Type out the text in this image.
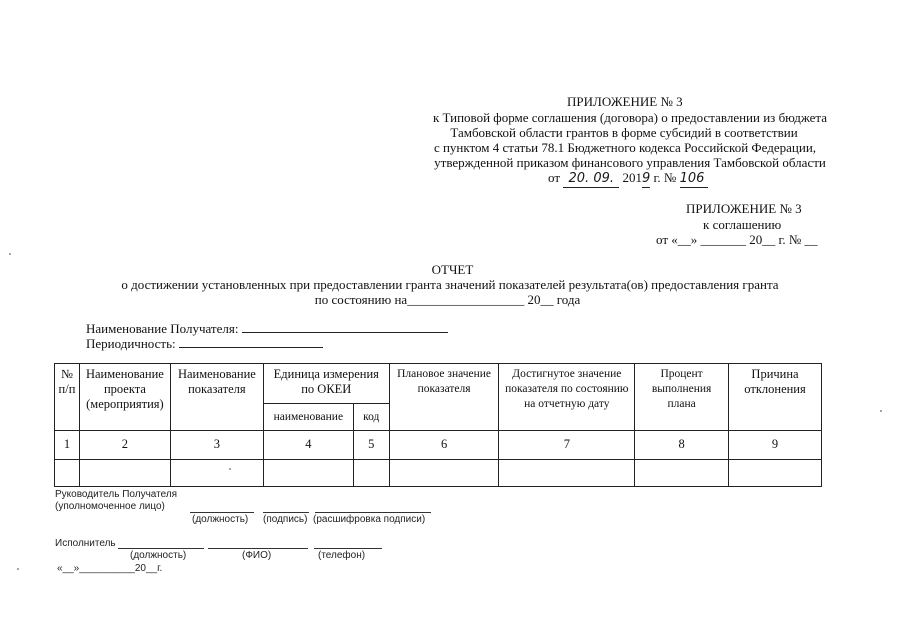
ПРИЛОЖЕНИЕ № 3
к Типовой форме соглашения (договора) о предоставлении из бюджета
Тамбовской области грантов в форме субсидий в соответствии
с пунктом 4 статьи 78.1 Бюджетного кодекса Российской Федерации,
утвержденной приказом финансового управления Тамбовской области
от 20. 09. 2019 г. № 106
ПРИЛОЖЕНИЕ № 3
к соглашению
от «__» _______ 20__ г. № __
ОТЧЕТ
о достижении установленных при предоставлении гранта значений показателей результата(ов) предоставления гранта
по состоянию на__________________ 20__ года
Наименование Получателя:
Периодичность:
№ п/п	Наименование проекта (мероприятия)	Наименование показателя	Единица измерения по ОКЕИ		Плановое значение показателя	Достигнутое значение показателя по состоянию на отчетную дату	Процент выполнения плана	Причина отклонения
			наименование	код				
1	2	3	4	5	6	7	8	9

Руководитель Получателя
(уполномоченное лицо)
(должность) (подпись) (расшифровка подписи)
Исполнитель
(должность)	(ФИО)	(телефон)
«__»__________20__г.
